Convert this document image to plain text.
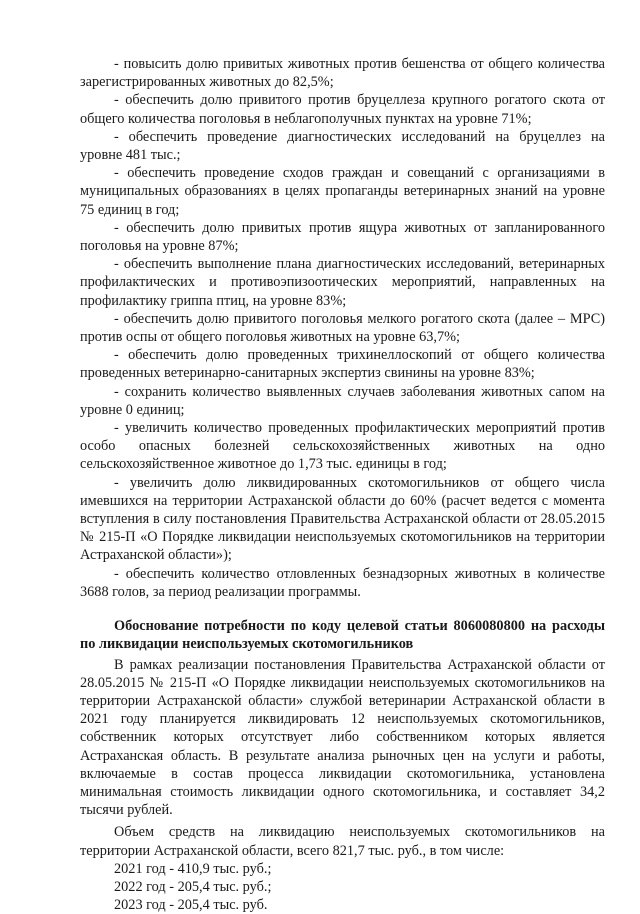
- повысить долю привитых животных против бешенства от общего количества зарегистрированных животных до 82,5%;

- обеспечить долю привитого против бруцеллеза крупного рогатого скота от общего количества поголовья в неблагополучных пунктах на уровне 71%;

- обеспечить проведение диагностических исследований на бруцеллез на уровне 481 тыс.;

- обеспечить проведение сходов граждан и совещаний с организациями в муниципальных образованиях в целях пропаганды ветеринарных знаний на уровне 75 единиц в год;

- обеспечить долю привитых против ящура животных от запланированного поголовья на уровне 87%;

- обеспечить выполнение плана диагностических исследований, ветеринарных профилактических и противоэпизоотических мероприятий, направленных на профилактику гриппа птиц, на уровне 83%;

- обеспечить долю привитого поголовья мелкого рогатого скота (далее – МРС) против оспы от общего поголовья животных на уровне 63,7%;

- обеспечить долю проведенных трихинеллоскопий от общего количества проведенных ветеринарно-санитарных экспертиз свинины на уровне 83%;

- сохранить количество выявленных случаев заболевания животных сапом на уровне 0 единиц;

- увеличить количество проведенных профилактических мероприятий против особо опасных болезней сельскохозяйственных животных на одно сельскохозяйственное животное до 1,73 тыс. единицы в год;

- увеличить долю ликвидированных скотомогильников от общего числа имевшихся на территории Астраханской области до 60% (расчет ведется с момента вступления в силу постановления Правительства Астраханской области от 28.05.2015 № 215-П «О Порядке ликвидации неиспользуемых скотомогильников на территории Астраханской области»);

- обеспечить количество отловленных безнадзорных животных в количестве 3688 голов, за период реализации программы.

Обоснование потребности по коду целевой статьи 8060080800 на расходы по ликвидации неиспользуемых скотомогильников

В рамках реализации постановления Правительства Астраханской области от 28.05.2015 № 215-П «О Порядке ликвидации неиспользуемых скотомогильников на территории Астраханской области» службой ветеринарии Астраханской области в 2021 году планируется ликвидировать 12 неиспользуемых скотомогильников, собственник которых отсутствует либо собственником которых является Астраханская область. В результате анализа рыночных цен на услуги и работы, включаемые в состав процесса ликвидации скотомогильника, установлена минимальная стоимость ликвидации одного скотомогильника, и составляет 34,2 тысячи рублей.

Объем средств на ликвидацию неиспользуемых скотомогильников на территории Астраханской области, всего 821,7 тыс. руб., в том числе:

2021 год - 410,9 тыс. руб.;

2022 год - 205,4 тыс. руб.;

2023 год - 205,4 тыс. руб.
